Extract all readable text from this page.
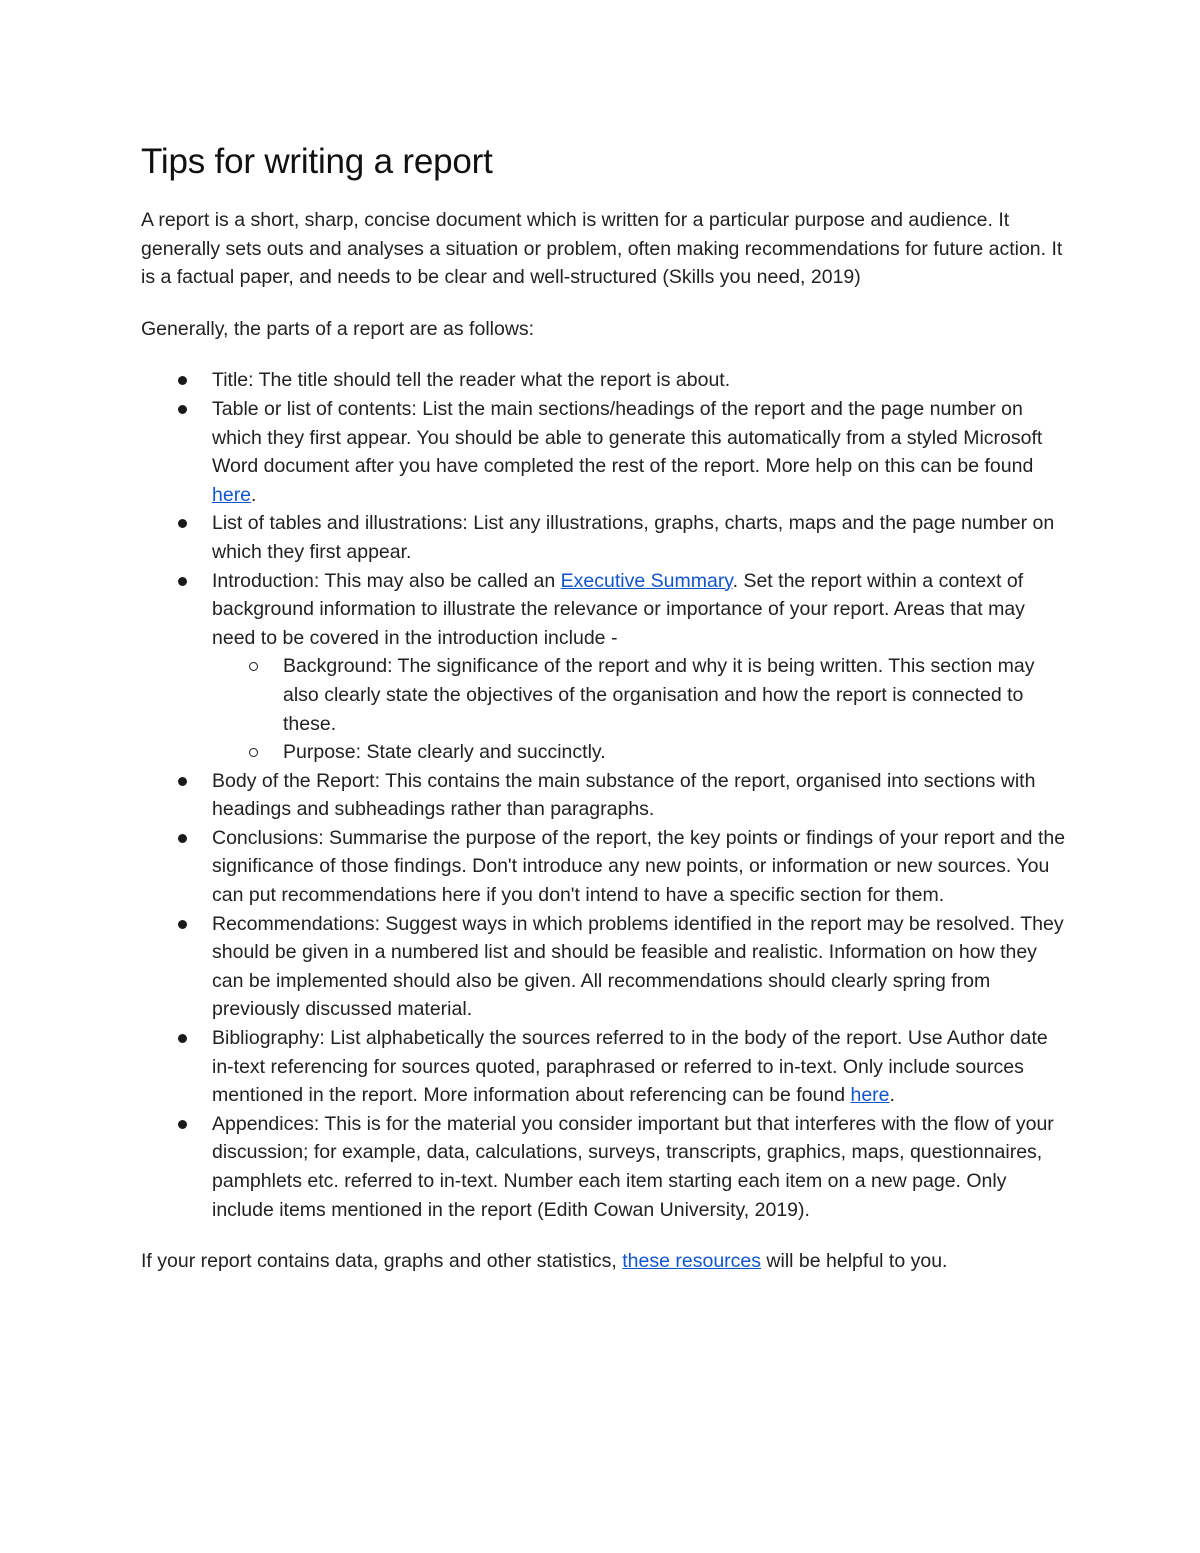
Tips for writing a report

A report is a short, sharp, concise document which is written for a particular purpose and audience. It generally sets outs and analyses a situation or problem, often making recommendations for future action. It is a factual paper, and needs to be clear and well-structured (Skills you need, 2019)

Generally, the parts of a report are as follows:

Title: The title should tell the reader what the report is about.
Table or list of contents: List the main sections/headings of the report and the page number on which they first appear. You should be able to generate this automatically from a styled Microsoft Word document after you have completed the rest of the report. More help on this can be found here.
List of tables and illustrations: List any illustrations, graphs, charts, maps and the page number on which they first appear.
Introduction: This may also be called an Executive Summary. Set the report within a context of background information to illustrate the relevance or importance of your report. Areas that may need to be covered in the introduction include -
Background: The significance of the report and why it is being written. This section may also clearly state the objectives of the organisation and how the report is connected to these.
Purpose: State clearly and succinctly.
Body of the Report: This contains the main substance of the report, organised into sections with headings and subheadings rather than paragraphs.
Conclusions: Summarise the purpose of the report, the key points or findings of your report and the significance of those findings. Don't introduce any new points, or information or new sources. You can put recommendations here if you don't intend to have a specific section for them.
Recommendations: Suggest ways in which problems identified in the report may be resolved. They should be given in a numbered list and should be feasible and realistic. Information on how they can be implemented should also be given. All recommendations should clearly spring from previously discussed material.
Bibliography: List alphabetically the sources referred to in the body of the report. Use Author date in-text referencing for sources quoted, paraphrased or referred to in-text. Only include sources mentioned in the report. More information about referencing can be found here.
Appendices: This is for the material you consider important but that interferes with the flow of your discussion; for example, data, calculations, surveys, transcripts, graphics, maps, questionnaires, pamphlets etc. referred to in-text. Number each item starting each item on a new page. Only include items mentioned in the report (Edith Cowan University, 2019).

If your report contains data, graphs and other statistics, these resources will be helpful to you.
